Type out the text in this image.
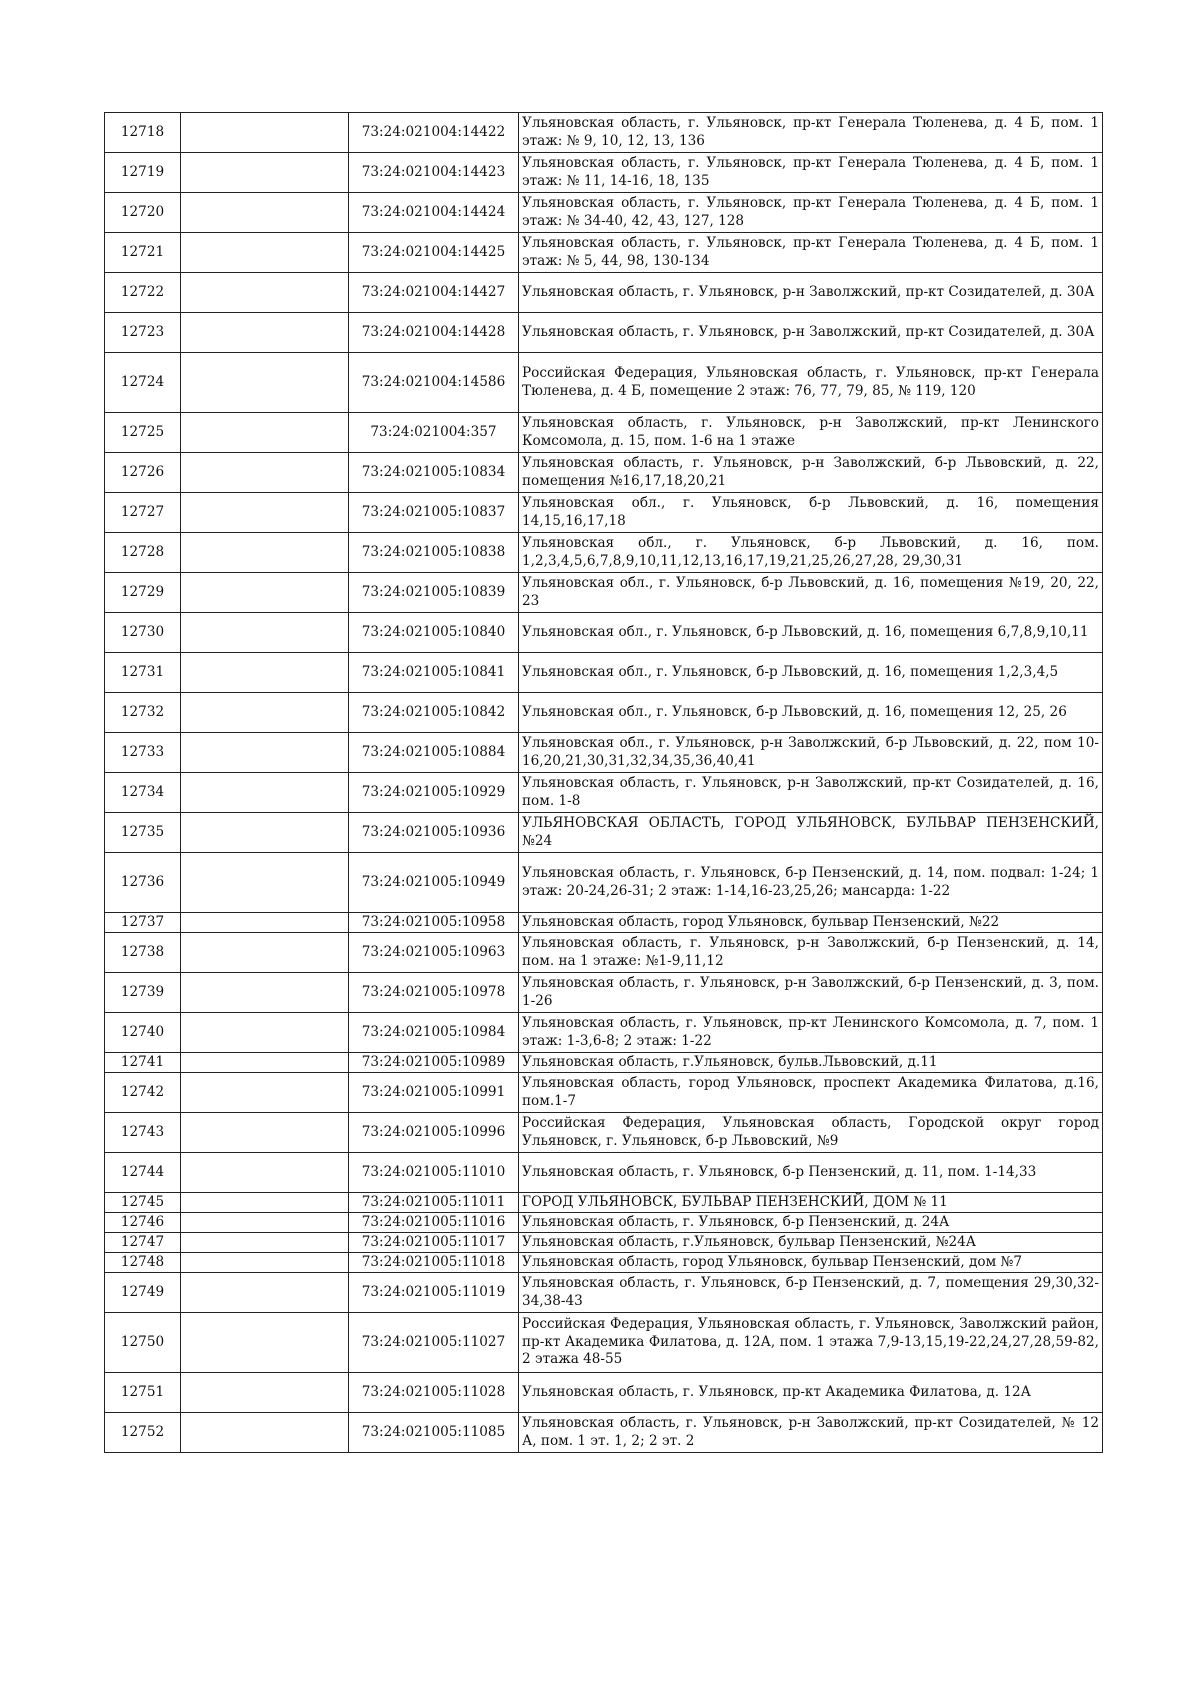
12718		73:24:021004:14422	Ульяновская область, г. Ульяновск, пр-кт Генерала Тюленева, д. 4 Б, пом. 1 этаж: № 9, 10, 12, 13, 136
12719		73:24:021004:14423	Ульяновская область, г. Ульяновск, пр-кт Генерала Тюленева, д. 4 Б, пом. 1 этаж: № 11, 14-16, 18, 135
12720		73:24:021004:14424	Ульяновская область, г. Ульяновск, пр-кт Генерала Тюленева, д. 4 Б, пом. 1 этаж: № 34-40, 42, 43, 127, 128
12721		73:24:021004:14425	Ульяновская область, г. Ульяновск, пр-кт Генерала Тюленева, д. 4 Б, пом. 1 этаж: № 5, 44, 98, 130-134
12722		73:24:021004:14427	Ульяновская область, г. Ульяновск, р-н Заволжский, пр-кт Созидателей, д. 30А
12723		73:24:021004:14428	Ульяновская область, г. Ульяновск, р-н Заволжский, пр-кт Созидателей, д. 30А
12724		73:24:021004:14586	Российская Федерация, Ульяновская область, г. Ульяновск, пр-кт Генерала Тюленева, д. 4 Б, помещение 2 этаж: 76, 77, 79, 85, № 119, 120
12725		73:24:021004:357	Ульяновская область, г. Ульяновск, р-н Заволжский, пр-кт Ленинского Комсомола, д. 15, пом. 1-6 на 1 этаже
12726		73:24:021005:10834	Ульяновская область, г. Ульяновск, р-н Заволжский, б-р Львовский, д. 22, помещения №16,17,18,20,21
12727		73:24:021005:10837	Ульяновская обл., г. Ульяновск, б-р Львовский, д. 16, помещения 14,15,16,17,18
12728		73:24:021005:10838	Ульяновская обл., г. Ульяновск, б-р Львовский, д. 16, пом. 1,2,3,4,5,6,7,8,9,10,11,12,13,16,17,19,21,25,26,27,28, 29,30,31
12729		73:24:021005:10839	Ульяновская обл., г. Ульяновск, б-р Львовский, д. 16, помещения №19, 20, 22, 23
12730		73:24:021005:10840	Ульяновская обл., г. Ульяновск, б-р Львовский, д. 16, помещения 6,7,8,9,10,11
12731		73:24:021005:10841	Ульяновская обл., г. Ульяновск, б-р Львовский, д. 16, помещения 1,2,3,4,5
12732		73:24:021005:10842	Ульяновская обл., г. Ульяновск, б-р Львовский, д. 16, помещения 12, 25, 26
12733		73:24:021005:10884	Ульяновская обл., г. Ульяновск, р-н Заволжский, б-р Львовский, д. 22, пом 10-16,20,21,30,31,32,34,35,36,40,41
12734		73:24:021005:10929	Ульяновская область, г. Ульяновск, р-н Заволжский, пр-кт Созидателей, д. 16, пом. 1-8
12735		73:24:021005:10936	УЛЬЯНОВСКАЯ ОБЛАСТЬ, ГОРОД УЛЬЯНОВСК, БУЛЬВАР ПЕНЗЕНСКИЙ, №24
12736		73:24:021005:10949	Ульяновская область, г. Ульяновск, б-р Пензенский, д. 14, пом. подвал: 1-24; 1 этаж: 20-24,26-31; 2 этаж: 1-14,16-23,25,26; мансарда: 1-22
12737		73:24:021005:10958	Ульяновская область, город Ульяновск, бульвар Пензенский, №22
12738		73:24:021005:10963	Ульяновская область, г. Ульяновск, р-н Заволжский, б-р Пензенский, д. 14, пом. на 1 этаже: №1-9,11,12
12739		73:24:021005:10978	Ульяновская область, г. Ульяновск, р-н Заволжский, б-р Пензенский, д. 3, пом. 1-26
12740		73:24:021005:10984	Ульяновская область, г. Ульяновск, пр-кт Ленинского Комсомола, д. 7, пом. 1 этаж: 1-3,6-8; 2 этаж: 1-22
12741		73:24:021005:10989	Ульяновская область, г.Ульяновск, бульв.Львовский, д.11
12742		73:24:021005:10991	Ульяновская область, город Ульяновск, проспект Академика Филатова, д.16, пом.1-7
12743		73:24:021005:10996	Российская Федерация, Ульяновская область, Городской округ город Ульяновск, г. Ульяновск, б-р Львовский, №9
12744		73:24:021005:11010	Ульяновская область, г. Ульяновск, б-р Пензенский, д. 11, пом. 1-14,33
12745		73:24:021005:11011	ГОРОД УЛЬЯНОВСК, БУЛЬВАР ПЕНЗЕНСКИЙ, ДОМ № 11
12746		73:24:021005:11016	Ульяновская область, г. Ульяновск, б-р Пензенский, д. 24А
12747		73:24:021005:11017	Ульяновская область, г.Ульяновск, бульвар Пензенский, №24А
12748		73:24:021005:11018	Ульяновская область, город Ульяновск, бульвар Пензенский, дом №7
12749		73:24:021005:11019	Ульяновская область, г. Ульяновск, б-р Пензенский, д. 7, помещения 29,30,32-34,38-43
12750		73:24:021005:11027	Российская Федерация, Ульяновская область, г. Ульяновск, Заволжский район, пр-кт Академика Филатова, д. 12А, пом. 1 этажа 7,9-13,15,19-22,24,27,28,59-82, 2 этажа 48-55
12751		73:24:021005:11028	Ульяновская область, г. Ульяновск, пр-кт Академика Филатова, д. 12А
12752		73:24:021005:11085	Ульяновская область, г. Ульяновск, р-н Заволжский, пр-кт Созидателей, № 12 А, пом. 1 эт. 1, 2; 2 эт. 2
